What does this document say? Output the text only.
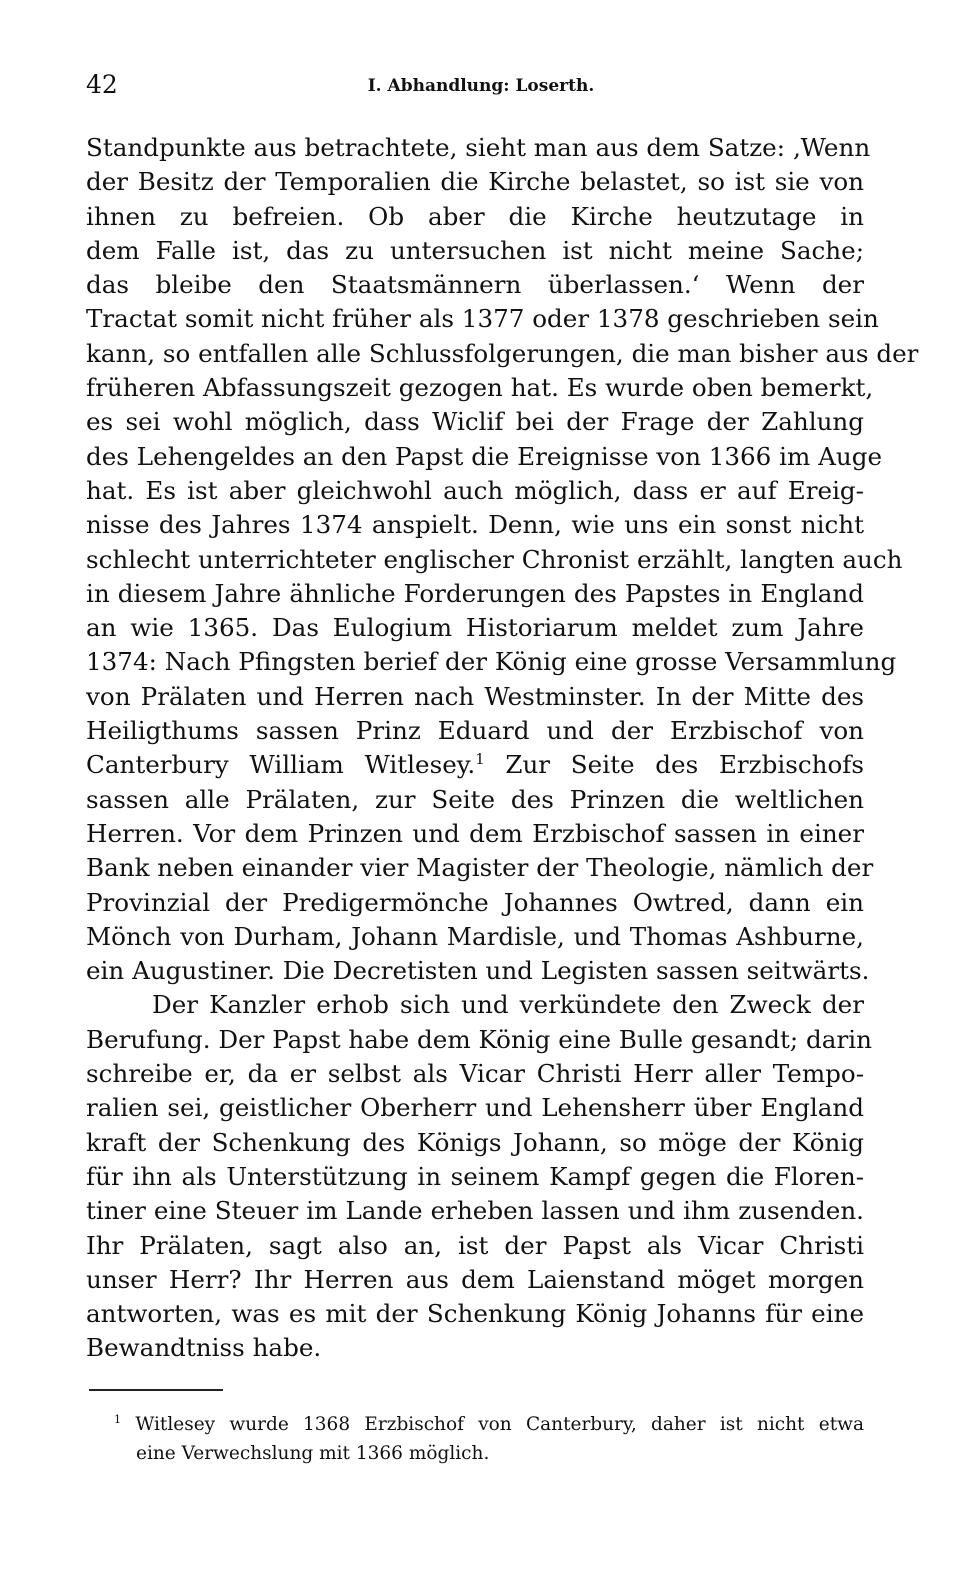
42	I. Abhandlung: Loserth.

Standpunkte aus betrachtete, sieht man aus dem Satze: ‚Wenn
der Besitz der Temporalien die Kirche belastet, so ist sie von
ihnen zu befreien. Ob aber die Kirche heutzutage in
dem Falle ist, das zu untersuchen ist nicht meine Sache;
das bleibe den Staatsmännern überlassen.‘ Wenn der
Tractat somit nicht früher als 1377 oder 1378 geschrieben sein
kann, so entfallen alle Schlussfolgerungen, die man bisher aus der
früheren Abfassungszeit gezogen hat. Es wurde oben bemerkt,
es sei wohl möglich, dass Wiclif bei der Frage der Zahlung
des Lehengeldes an den Papst die Ereignisse von 1366 im Auge
hat. Es ist aber gleichwohl auch möglich, dass er auf Ereig-
nisse des Jahres 1374 anspielt. Denn, wie uns ein sonst nicht
schlecht unterrichteter englischer Chronist erzählt, langten auch
in diesem Jahre ähnliche Forderungen des Papstes in England
an wie 1365. Das Eulogium Historiarum meldet zum Jahre
1374: Nach Pfingsten berief der König eine grosse Versammlung
von Prälaten und Herren nach Westminster. In der Mitte des
Heiligthums sassen Prinz Eduard und der Erzbischof von
Canterbury William Witlesey.$^1$ Zur Seite des Erzbischofs
sassen alle Prälaten, zur Seite des Prinzen die weltlichen
Herren. Vor dem Prinzen und dem Erzbischof sassen in einer
Bank neben einander vier Magister der Theologie, nämlich der
Provinzial der Predigermönche Johannes Owtred, dann ein
Mönch von Durham, Johann Mardisle, und Thomas Ashburne,
ein Augustiner. Die Decretisten und Legisten sassen seitwärts.

Der Kanzler erhob sich und verkündete den Zweck der
Berufung. Der Papst habe dem König eine Bulle gesandt; darin
schreibe er, da er selbst als Vicar Christi Herr aller Tempo-
ralien sei, geistlicher Oberherr und Lehensherr über England
kraft der Schenkung des Königs Johann, so möge der König
für ihn als Unterstützung in seinem Kampf gegen die Floren-
tiner eine Steuer im Lande erheben lassen und ihm zusenden.
Ihr Prälaten, sagt also an, ist der Papst als Vicar Christi
unser Herr? Ihr Herren aus dem Laienstand möget morgen
antworten, was es mit der Schenkung König Johanns für eine
Bewandtniss habe.

$^1$ Witlesey wurde 1368 Erzbischof von Canterbury, daher ist nicht etwa
eine Verwechslung mit 1366 möglich.
